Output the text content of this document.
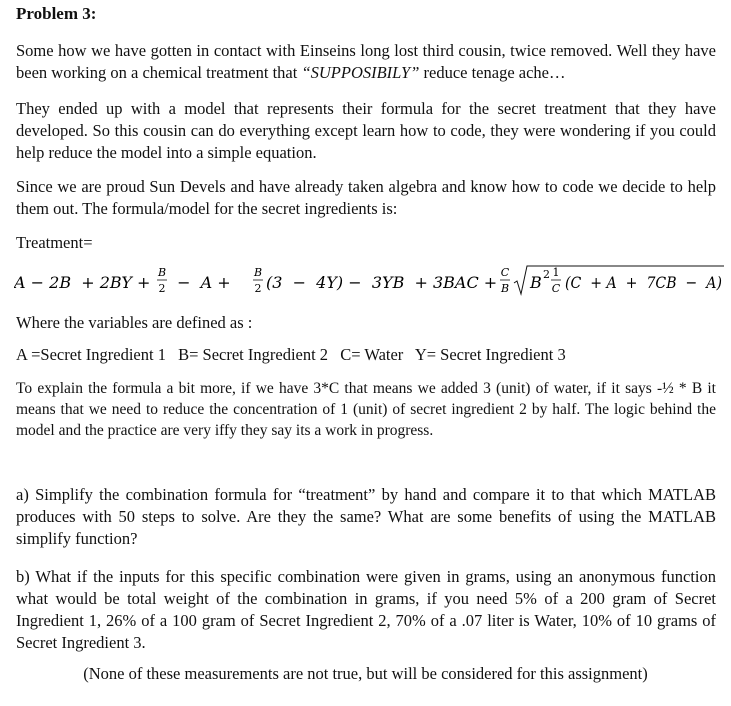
Problem 3:
Some how we have gotten in contact with Einseins long lost third cousin, twice removed. Well they have been working on a chemical treatment that “SUPPOSIBILY” reduce tenage ache…
They ended up with a model that represents their formula for the secret treatment that they have developed. So this cousin can do everything except learn how to code, they were wondering if you could help reduce the model into a simple equation.
Since we are proud Sun Devels and have already taken algebra and know how to code we decide to help them out. The formula/model for the secret ingredients is:
Treatment=
A − 2B  + 2BY +
B
2 −  A +
B
2 (3  −  4Y) −  3YB  + 3BAC +
C
B B 2 1
C (C  + A  +  7CB  −  A)
Where the variables are defined as :
A =Secret Ingredient 1 B= Secret Ingredient 2 C= Water Y= Secret Ingredient 3
To explain the formula a bit more, if we have 3*C that means we added 3 (unit) of water, if it says -½ * B it means that we need to reduce the concentration of 1 (unit) of secret ingredient 2 by half. The logic behind the model and the practice are very iffy they say its a work in progress.
a) Simplify the combination formula for “treatment” by hand and compare it to that which MATLAB produces with 50 steps to solve. Are they the same? What are some benefits of using the MATLAB simplify function?
b) What if the inputs for this specific combination were given in grams, using an anonymous function what would be total weight of the combination in grams, if you need 5% of a 200 gram of Secret Ingredient 1, 26% of a 100 gram of Secret Ingredient 2, 70% of a .07 liter is Water, 10% of 10 grams of Secret Ingredient 3.
(None of these measurements are not true, but will be considered for this assignment)
